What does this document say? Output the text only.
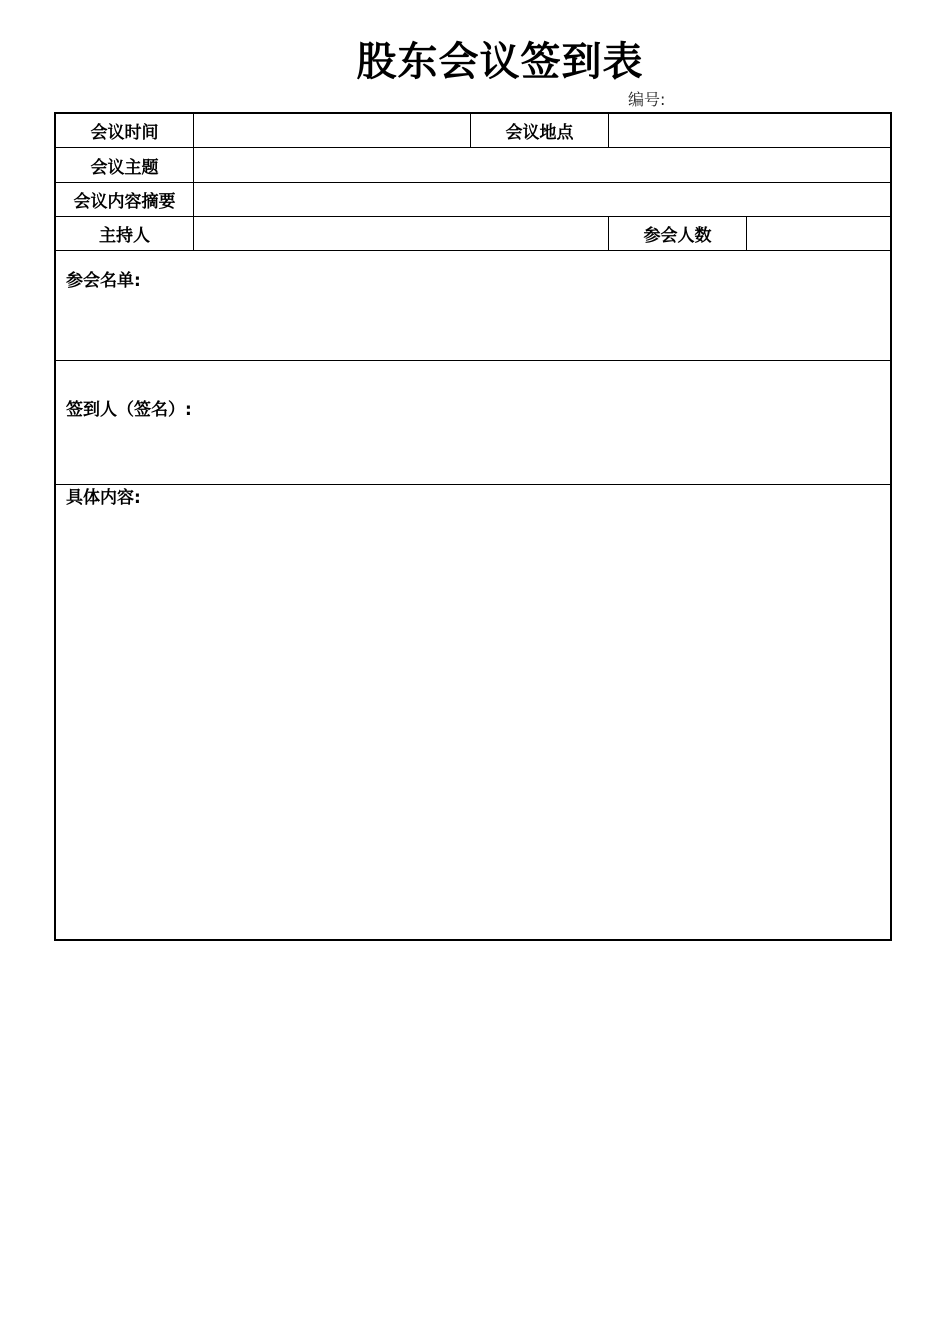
股东会议签到表
编号:
会议时间	会议地点
会议主题
会议内容摘要
主持人	参会人数
参会名单:
签到人（签名）:
具体内容:
